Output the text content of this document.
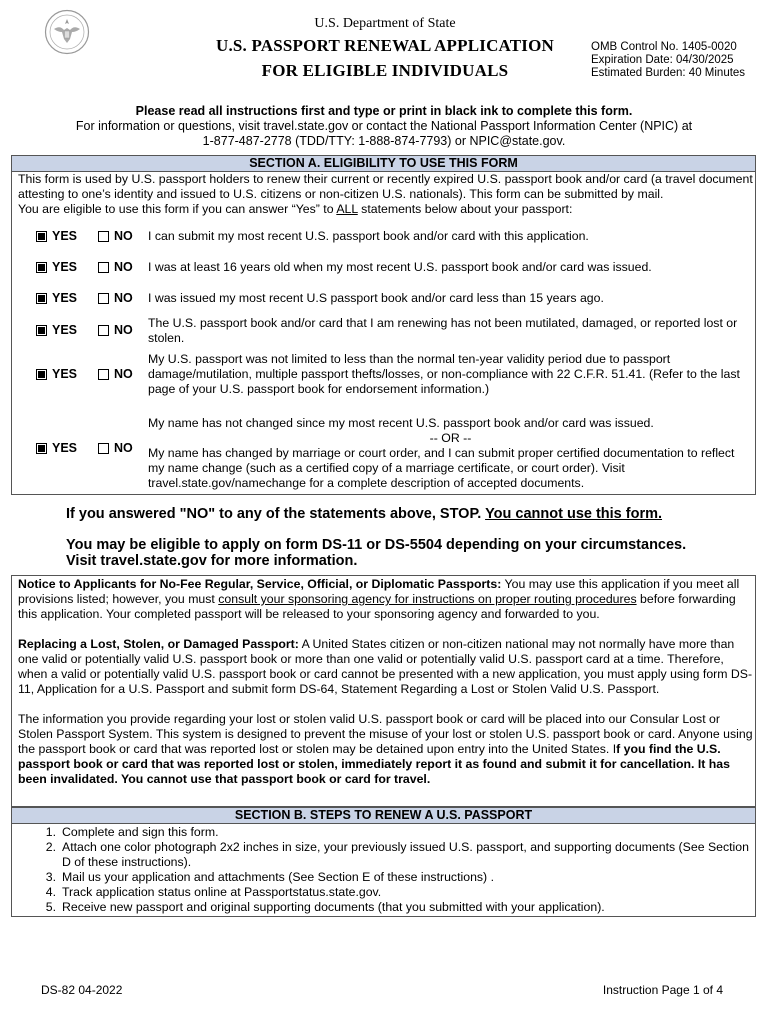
U.S. Department of State
U.S. PASSPORT RENEWAL APPLICATION
FOR ELIGIBLE INDIVIDUALS
OMB Control No. 1405-0020
Expiration Date: 04/30/2025
Estimated Burden: 40 Minutes
Please read all instructions first and type or print in black ink to complete this form.
For information or questions, visit travel.state.gov or contact the National Passport Information Center (NPIC) at
1-877-487-2778 (TDD/TTY: 1-888-874-7793) or NPIC@state.gov.
SECTION A. ELIGIBILITY TO USE THIS FORM
This form is used by U.S. passport holders to renew their current or recently expired U.S. passport book and/or card (a travel document attesting to one’s identity and issued to U.S. citizens or non-citizen U.S. nationals). This form can be submitted by mail.
You are eligible to use this form if you can answer “Yes” to ALL statements below about your passport:
YES	NO I can submit my most recent U.S. passport book and/or card with this application.
YES	NO I was at least 16 years old when my most recent U.S. passport book and/or card was issued.
YES	NO I was issued my most recent U.S passport book and/or card less than 15 years ago.
YES	NO The U.S. passport book and/or card that I am renewing has not been mutilated, damaged, or reported lost or stolen.
YES	NO
My U.S. passport was not limited to less than the normal ten-year validity period due to passport damage/mutilation, multiple passport thefts/losses, or non-compliance with 22 C.F.R. 51.41. (Refer to the last page of your U.S. passport book for endorsement information.)
YES	NO
My name has not changed since my most recent U.S. passport book and/or card was issued.
-- OR --
My name has changed by marriage or court order, and I can submit proper certified documentation to reflect my name change (such as a certified copy of a marriage certificate, or court order). Visit travel.state.gov/namechange for a complete description of accepted documents.
If you answered "NO" to any of the statements above, STOP. You cannot use this form.
You may be eligible to apply on form DS-11 or DS-5504 depending on your circumstances.
Visit travel.state.gov for more information.

Notice to Applicants for No-Fee Regular, Service, Official, or Diplomatic Passports: You may use this application if you meet all provisions listed; however, you must consult your sponsoring agency for instructions on proper routing procedures before forwarding this application. Your completed passport will be released to your sponsoring agency and forwarded to you.

Replacing a Lost, Stolen, or Damaged Passport: A United States citizen or non-citizen national may not normally have more than one valid or potentially valid U.S. passport book or more than one valid or potentially valid U.S. passport card at a time. Therefore, when a valid or potentially valid U.S. passport book or card cannot be presented with a new application, you must apply using form DS-11, Application for a U.S. Passport and submit form DS-64, Statement Regarding a Lost or Stolen Valid U.S. Passport.

The information you provide regarding your lost or stolen valid U.S. passport book or card will be placed into our Consular Lost or Stolen Passport System. This system is designed to prevent the misuse of your lost or stolen U.S. passport book or card. Anyone using the passport book or card that was reported lost or stolen may be detained upon entry into the United States. If you find the U.S. passport book or card that was reported lost or stolen, immediately report it as found and submit it for cancellation. It has been invalidated. You cannot use that passport book or card for travel.

SECTION B. STEPS TO RENEW A U.S. PASSPORT
1. Complete and sign this form.
2. Attach one color photograph 2x2 inches in size, your previously issued U.S. passport, and supporting documents (See Section D of these instructions).
3. Mail us your application and attachments (See Section E of these instructions) .
4. Track application status online at Passportstatus.state.gov.
5. Receive new passport and original supporting documents (that you submitted with your application).
DS-82 04-2022	Instruction Page 1 of 4
